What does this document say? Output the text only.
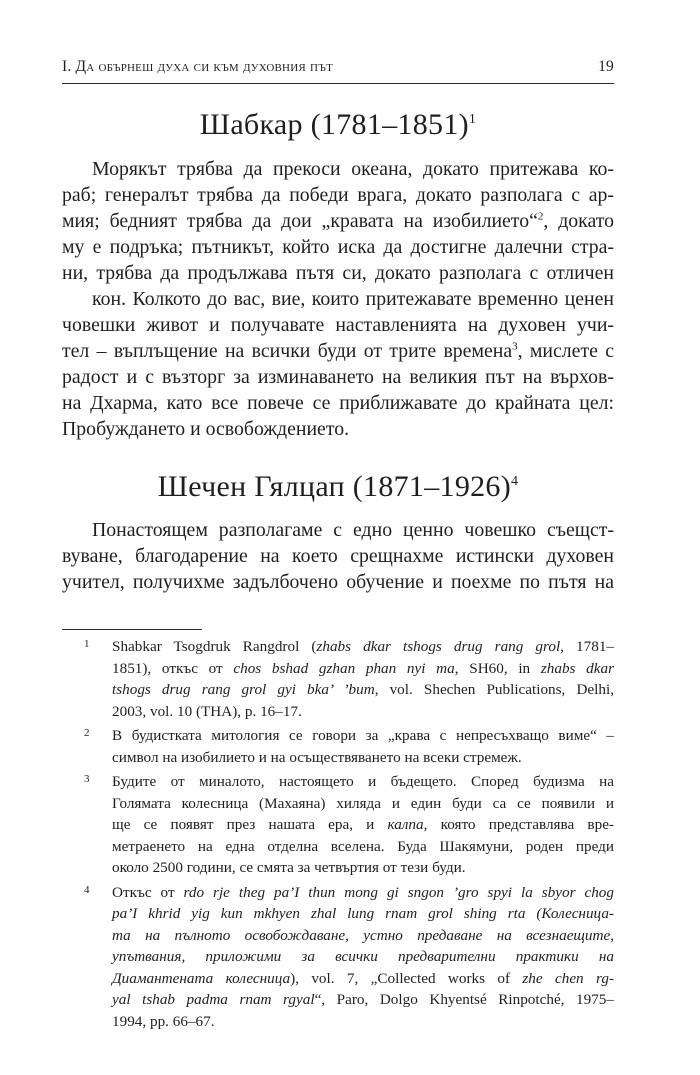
I. Да обърнеш духа си към духовния път	19
Шабкар (1781–1851)$^1$
Морякът трябва да прекоси океана, докато притежава ко-
раб; генералът трябва да победи врага, докато разполага с ар-
мия; бедният трябва да дои „кравата на изобилието“$^2$, докато
му е подръка; пътникът, който иска да достигне далечни стра-
ни, трябва да продължава пътя си, докато разполага с отличен
кон. Колкото до вас, вие, които притежавате временно ценен
човешки живот и получавате наставленията на духовен учи-
тел – въплъщение на всички буди от трите времена$^3$, мислете с
радост и с възторг за изминаването на великия път на върхов-
на Дхарма, като все повече се приближавате до крайната цел:
Пробуждането и освобождението.
Шечен Гялцап (1871–1926)$^4$
Понастоящем разполагаме с едно ценно човешко съещст-
вуване, благодарение на което срещнахме истински духовен
учител, получихме задълбочено обучение и поехме по пътя на
1	Shabkar Tsogdruk Rangdrol (zhabs dkar tshogs drug rang grol, 1781–
1851), откъс от chos bshad gzhan phan nyi ma, SH60, in zhabs dkar
tshogs drug rang grol gyi bka’ ’bum, vol. Shechen Publications, Delhi,
2003, vol. 10 (THA), p. 16–17.
2	В будистката митология се говори за „крава с непресъхващо виме“ –
символ на изобилието и на осъществяването на всеки стремеж.
3	Будите от миналото, настоящето и бъдещето. Според будизма на
Голямата колесница (Махаяна) хиляда и един буди са се появили и
ще се появят през нашата ера, и калпа, която представлява вре-
метраенето на една отделна вселена. Буда Шакямуни, роден преди
около 2500 години, се смята за четвъртия от тези буди.
4	Откъс от rdo rje theg pa’I thun mong gi sngon ’gro spyi la sbyor chog
pa’I khrid yig kun mkhyen zhal lung rnam grol shing rta (Колесница-
та на пълното освобождаване, устно предаване на всезнаещите,
упътвания, приложими за всички предварителни практики на
Диамантената колесница), vol. 7, „Collected works of zhe chen rg-
yal tshab padma rnam rgyal“, Paro, Dolgo Khyentsé Rinpotché, 1975–
1994, pp. 66–67.
